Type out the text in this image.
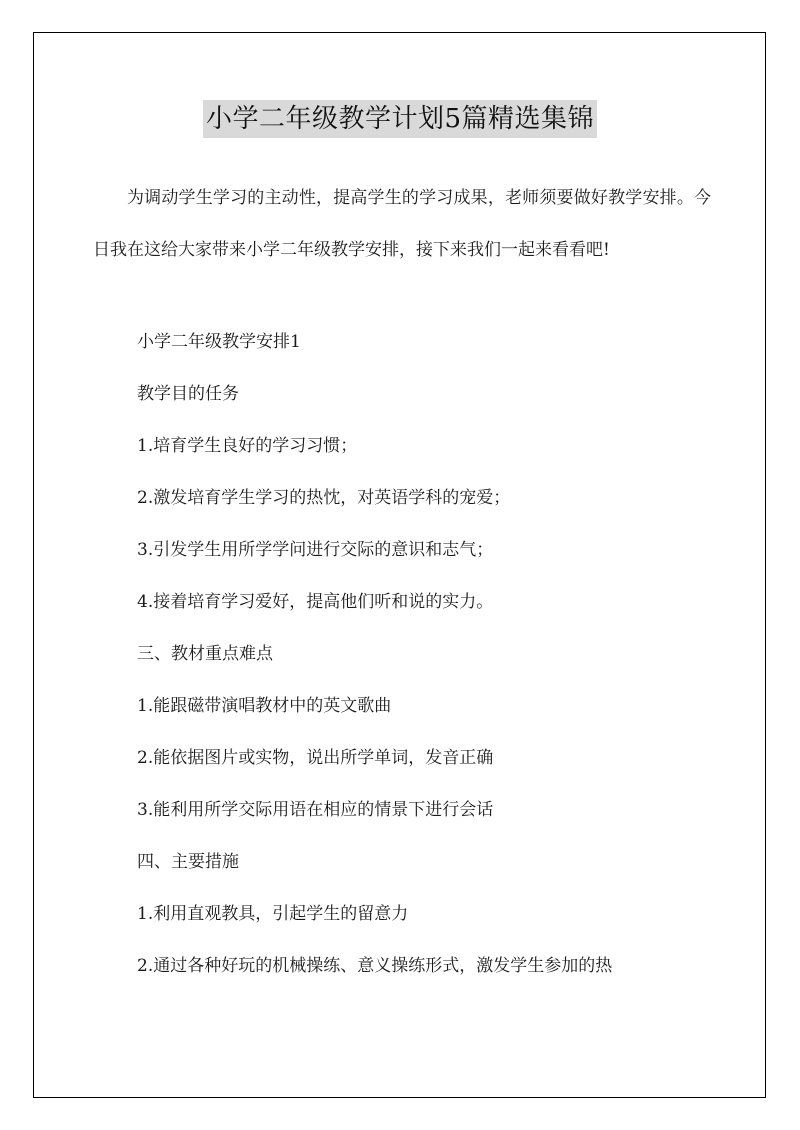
小学二年级教学计划5篇精选集锦

为调动学生学习的主动性，提高学生的学习成果，老师须要做好教学安排。今日我在这给大家带来小学二年级教学安排，接下来我们一起来看看吧!

小学二年级教学安排1

教学目的任务

1.培育学生良好的学习习惯；

2.激发培育学生学习的热忱，对英语学科的宠爱；

3.引发学生用所学学问进行交际的意识和志气；

4.接着培育学习爱好，提高他们听和说的实力。

三、教材重点难点

1.能跟磁带演唱教材中的英文歌曲

2.能依据图片或实物，说出所学单词，发音正确

3.能利用所学交际用语在相应的情景下进行会话

四、主要措施

1.利用直观教具，引起学生的留意力

2.通过各种好玩的机械操练、意义操练形式，激发学生参加的热
